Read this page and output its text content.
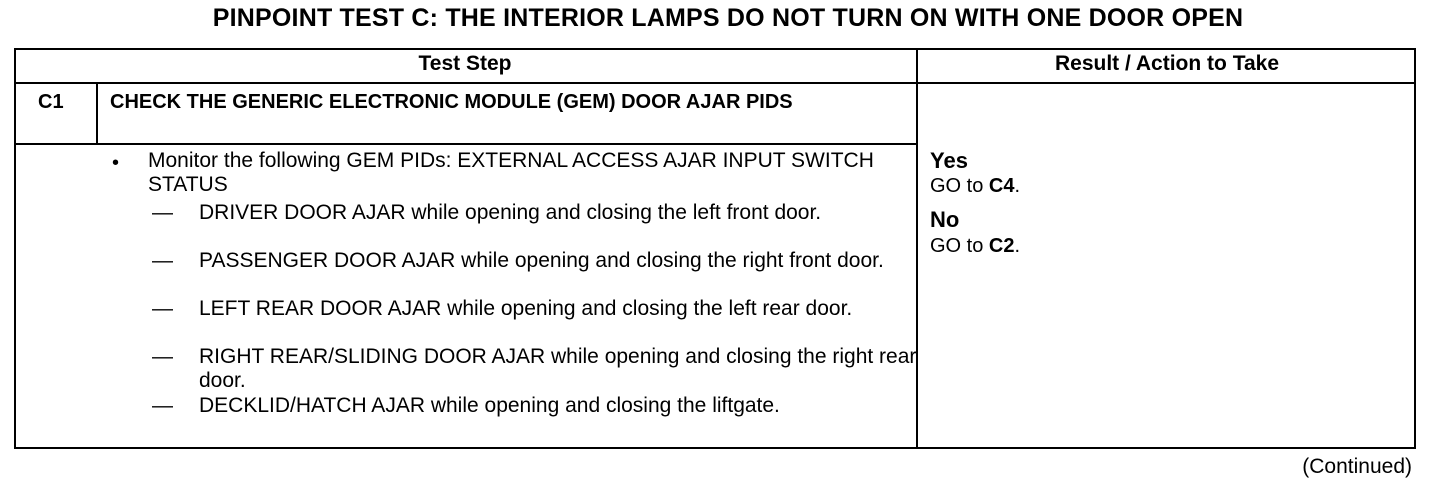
PINPOINT TEST C: THE INTERIOR LAMPS DO NOT TURN ON WITH ONE DOOR OPEN
Test Step	Result / Action to Take
C1 CHECK THE GENERIC ELECTRONIC MODULE (GEM) DOOR AJAR PIDS
• Monitor the following GEM PIDs: EXTERNAL ACCESS AJAR INPUT SWITCH STATUS
—	DRIVER DOOR AJAR while opening and closing the left front door.
—	PASSENGER DOOR AJAR while opening and closing the right front door.
—	LEFT REAR DOOR AJAR while opening and closing the left rear door.
—	RIGHT REAR/SLIDING DOOR AJAR while opening and closing the right rear door.
—	DECKLID/HATCH AJAR while opening and closing the liftgate.
Yes
GO to C4.
No
GO to C2.
(Continued)
